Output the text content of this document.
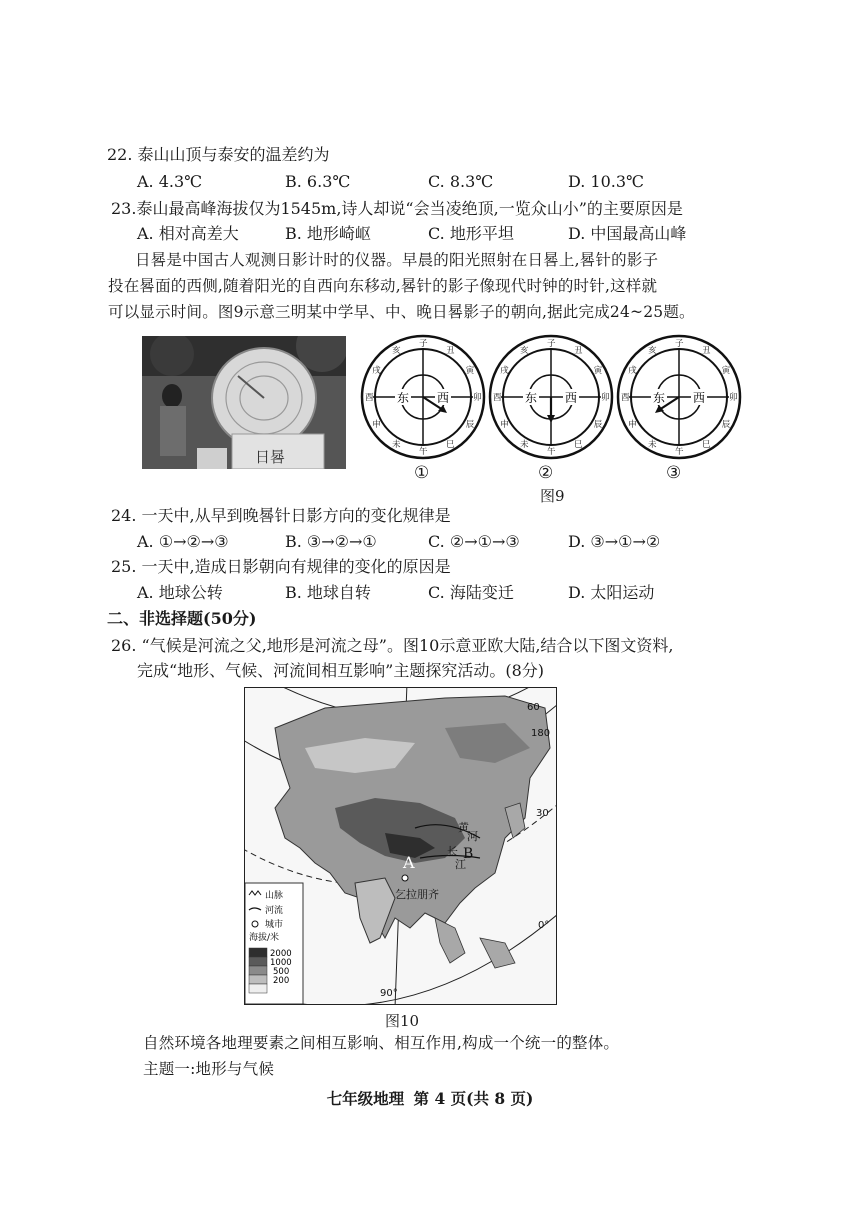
22. 泰山山顶与泰安的温差约为
A. 4.3℃	B. 6.3℃	C. 8.3℃	D. 10.3℃
23.泰山最高峰海拔仅为1545m,诗人却说“会当凌绝顶,一览众山小”的主要原因是
A. 相对高差大	B. 地形崎岖	C. 地形平坦	D. 中国最高山峰
日晷是中国古人观测日影计时的仪器。早晨的阳光照射在日晷上,晷针的影子
投在晷面的西侧,随着阳光的自西向东移动,晷针的影子像现代时钟的时针,这样就
可以显示时间。图9示意三明某中学早、中、晚日晷影子的朝向,据此完成24~25题。
日晷
东 西
子
丑
寅
卯
辰
巳
午
未
申
酉
戌
亥
东 西
子
丑
寅
卯
辰
巳
午
未
申
酉
戌
亥
东 西
子
丑
寅
卯
辰
巳
午
未
申
酉
戌
亥
①	②	③
图9
24. 一天中,从早到晚晷针日影方向的变化规律是
A. ①→②→③	B. ③→②→①	C. ②→①→③	D. ③→①→②
25. 一天中,造成日影朝向有规律的变化的原因是
A. 地球公转	B. 地球自转	C. 海陆变迁	D. 太阳运动
二、非选择题(50分)
26. “气候是河流之父,地形是河流之母”。图10示意亚欧大陆,结合以下图文资料,
完成“地形、气候、河流间相互影响”主题探究活动。(8分)
A	B
黄
河
长
江
乞拉朋齐
30
0°
180
60
90°
山脉
河流
城市
海拔/米
2000
1000
500
200
图10
自然环境各地理要素之间相互影响、相互作用,构成一个统一的整体。
主题一:地形与气候
七年级地理 第 4 页(共 8 页)
